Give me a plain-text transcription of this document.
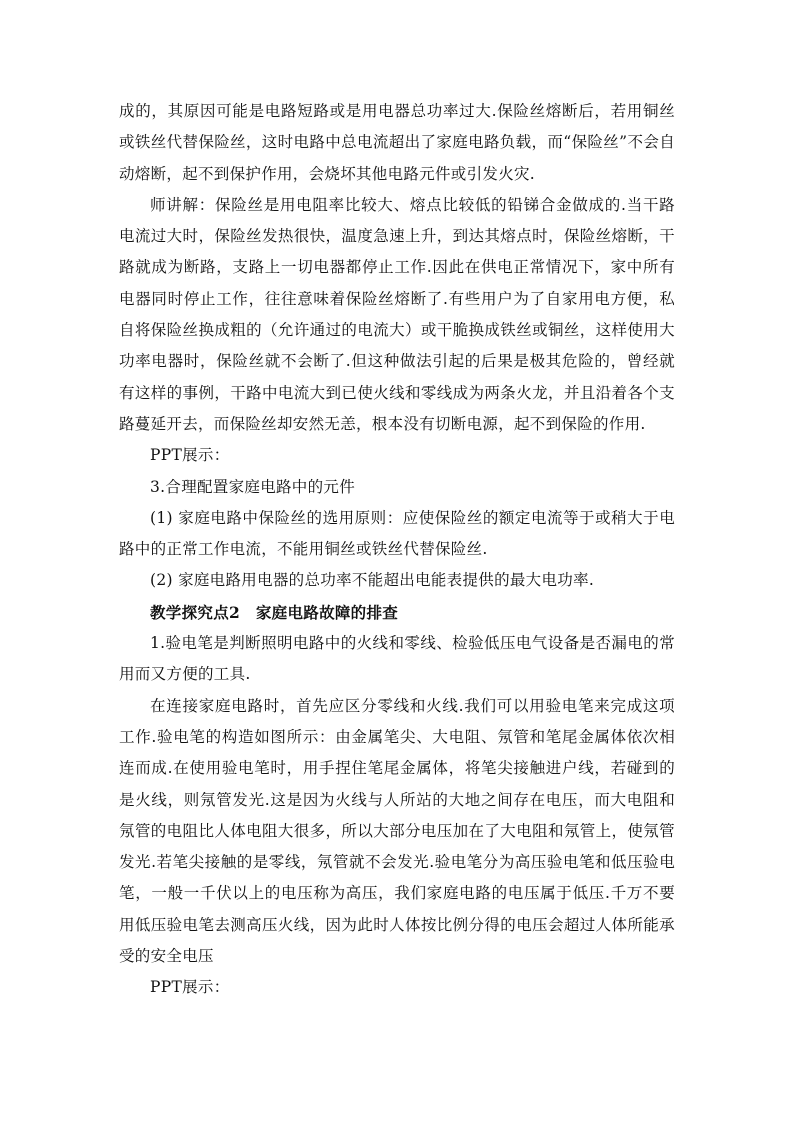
成的，其原因可能是电路短路或是用电器总功率过大.保险丝熔断后，若用铜丝或铁丝代替保险丝，这时电路中总电流超出了家庭电路负载，而“保险丝”不会自动熔断，起不到保护作用，会烧坏其他电路元件或引发火灾.

师讲解：保险丝是用电阻率比较大、熔点比较低的铅锑合金做成的.当干路电流过大时，保险丝发热很快，温度急速上升，到达其熔点时，保险丝熔断，干路就成为断路，支路上一切电器都停止工作.因此在供电正常情况下，家中所有电器同时停止工作，往往意味着保险丝熔断了.有些用户为了自家用电方便，私自将保险丝换成粗的（允许通过的电流大）或干脆换成铁丝或铜丝，这样使用大功率电器时，保险丝就不会断了.但这种做法引起的后果是极其危险的，曾经就有这样的事例，干路中电流大到已使火线和零线成为两条火龙，并且沿着各个支路蔓延开去，而保险丝却安然无恙，根本没有切断电源，起不到保险的作用.

PPT展示：

3.合理配置家庭电路中的元件

(1) 家庭电路中保险丝的选用原则：应使保险丝的额定电流等于或稍大于电路中的正常工作电流，不能用铜丝或铁丝代替保险丝.

(2) 家庭电路用电器的总功率不能超出电能表提供的最大电功率.

教学探究点2　家庭电路故障的排查

1.验电笔是判断照明电路中的火线和零线、检验低压电气设备是否漏电的常用而又方便的工具.

在连接家庭电路时，首先应区分零线和火线.我们可以用验电笔来完成这项工作.验电笔的构造如图所示：由金属笔尖、大电阻、氖管和笔尾金属体依次相连而成.在使用验电笔时，用手捏住笔尾金属体，将笔尖接触进户线，若碰到的是火线，则氖管发光.这是因为火线与人所站的大地之间存在电压，而大电阻和氖管的电阻比人体电阻大很多，所以大部分电压加在了大电阻和氖管上，使氖管发光.若笔尖接触的是零线，氖管就不会发光.验电笔分为高压验电笔和低压验电笔，一般一千伏以上的电压称为高压，我们家庭电路的电压属于低压.千万不要用低压验电笔去测高压火线，因为此时人体按比例分得的电压会超过人体所能承受的安全电压

PPT展示：
